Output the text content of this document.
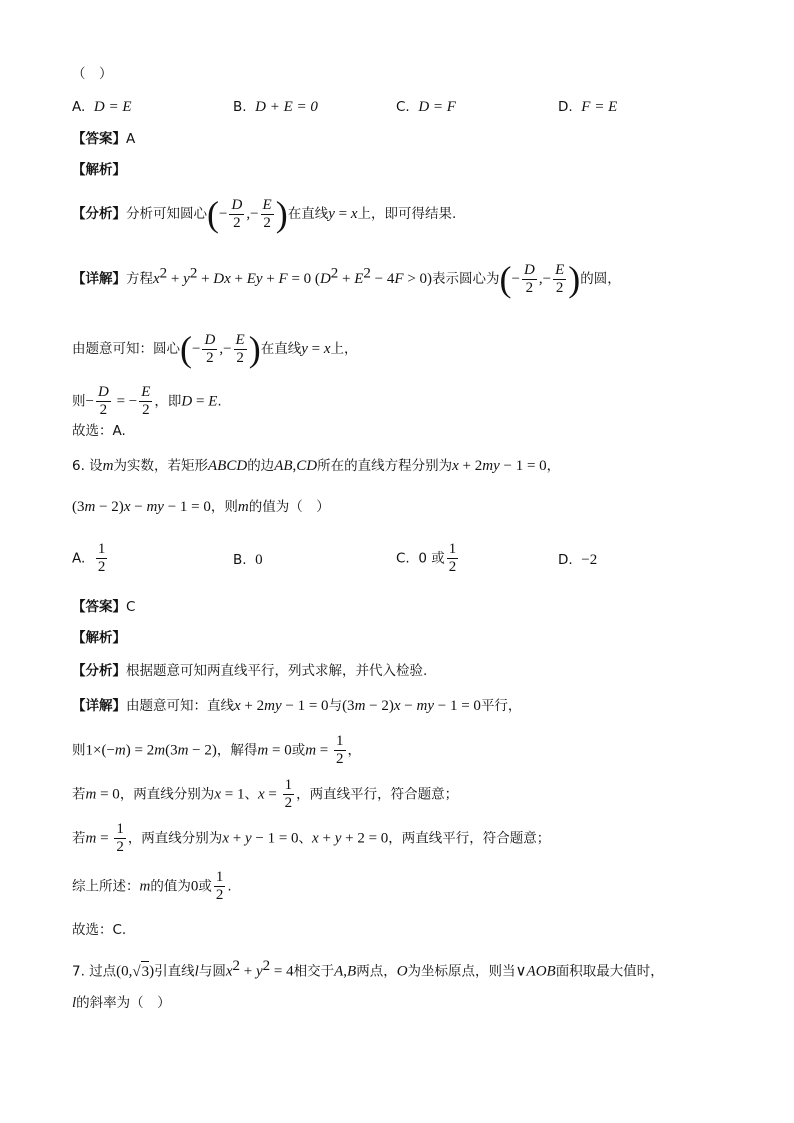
（　）
A. D = E	B. D + E = 0	C. D = F	D. F = E
【答案】A
【解析】
【分析】分析可知圆心(− $\frac{D}{2}$ ,− $\frac{E}{2}$ )在直线y = x上，即可得结果.
【详解】方程$x^2 + y^2 + Dx + Ey + F = 0$ $(D^2 + E^2 - 4F > 0)$表示圆心为(− $\frac{D}{2}$ ,− $\frac{E}{2}$ )的圆，
由题意可知：圆心(− $\frac{D}{2}$ ,− $\frac{E}{2}$ )在直线y = x上，
则− $\frac{D}{2}$ = − $\frac{E}{2}$ ，即D = E.
故选：A.
6. 设m为实数，若矩形ABCD的边AB,CD所在的直线方程分别为x + 2my − 1 = 0，
(3m − 2)x − my − 1 = 0，则m的值为（　）
A. $\frac{1}{2}$	B. 0	C. 0 或 $\frac{1}{2}$	D. −2
【答案】C
【解析】
【分析】根据题意可知两直线平行，列式求解，并代入检验.
【详解】由题意可知：直线x + 2my − 1 = 0与(3m − 2)x − my − 1 = 0平行，
则1×(−m) = 2m(3m − 2)，解得m = 0或$m = \frac{1}{2}$ ，
若m = 0，两直线分别为x = 1、$x = \frac{1}{2}$ ，两直线平行，符合题意；
若$m = \frac{1}{2}$ ，两直线分别为x + y − 1 = 0、x + y + 2 = 0，两直线平行，符合题意；
综上所述：m的值为0或 $\frac{1}{2}$ .
故选：C.
7. 过点(0,√3)引直线l与圆$x^2 + y^2 = 4$相交于A,B两点，O为坐标原点，则当∨AOB面积取最大值时，
l的斜率为（　）
